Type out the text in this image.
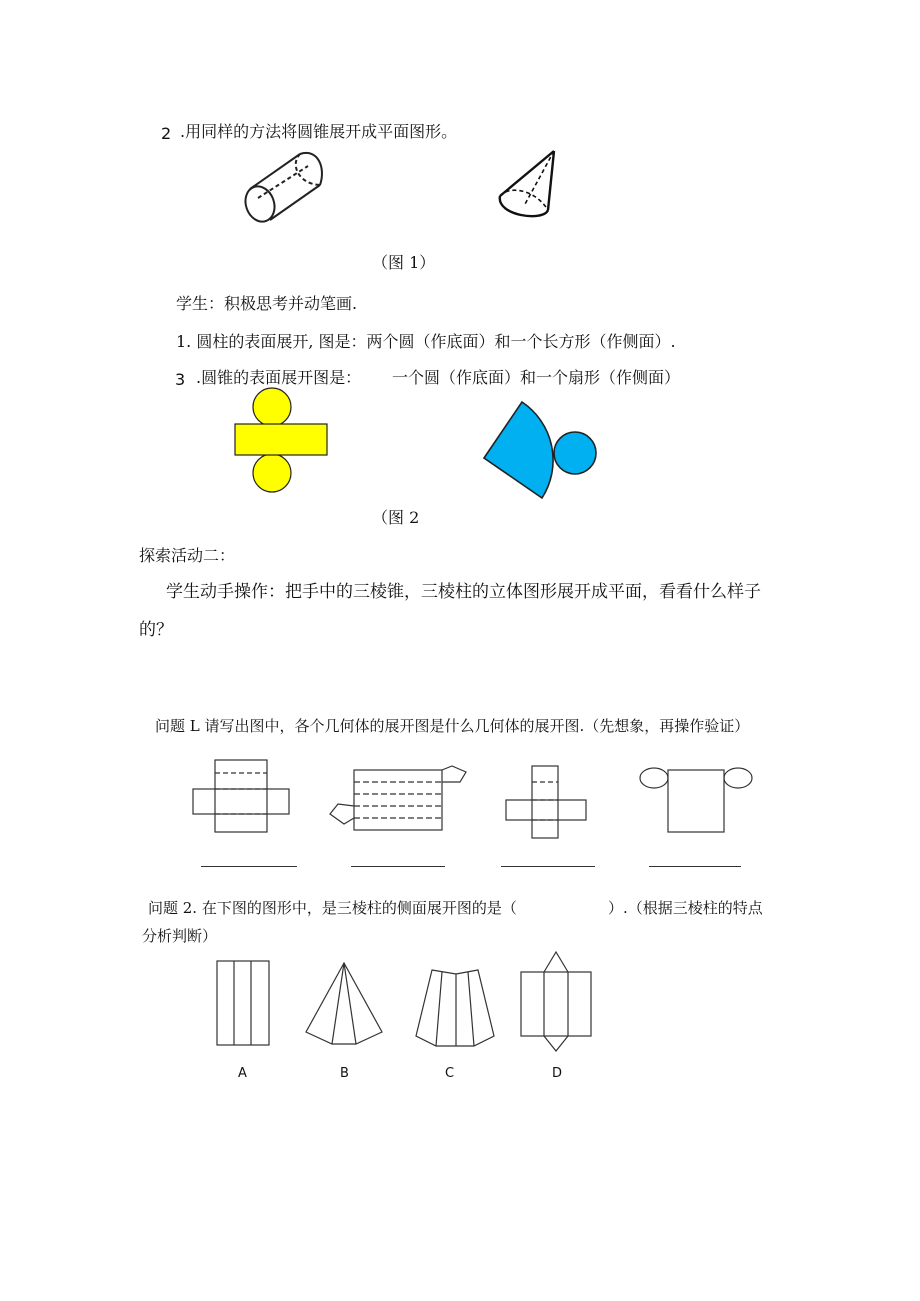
2 .用同样的方法将圆锥展开成平面图形。
（图 1）
学生：积极思考并动笔画.
1. 圆柱的表面展开, 图是：两个圆（作底面）和一个长方形（作侧面）.
3 .圆锥的表面展开图是： 一个圆（作底面）和一个扇形（作侧面）
（图 2
探索活动二：
学生动手操作：把手中的三棱锥，三棱柱的立体图形展开成平面，看看什么样子
的？
问题 L 请写出图中，各个几何体的展开图是什么几何体的展开图.（先想象，再操作验证）
问题 2. 在下图的图形中，是三棱柱的侧面展开图的是（	）.（根据三棱柱的特点
分析判断）
A	B	C	D
